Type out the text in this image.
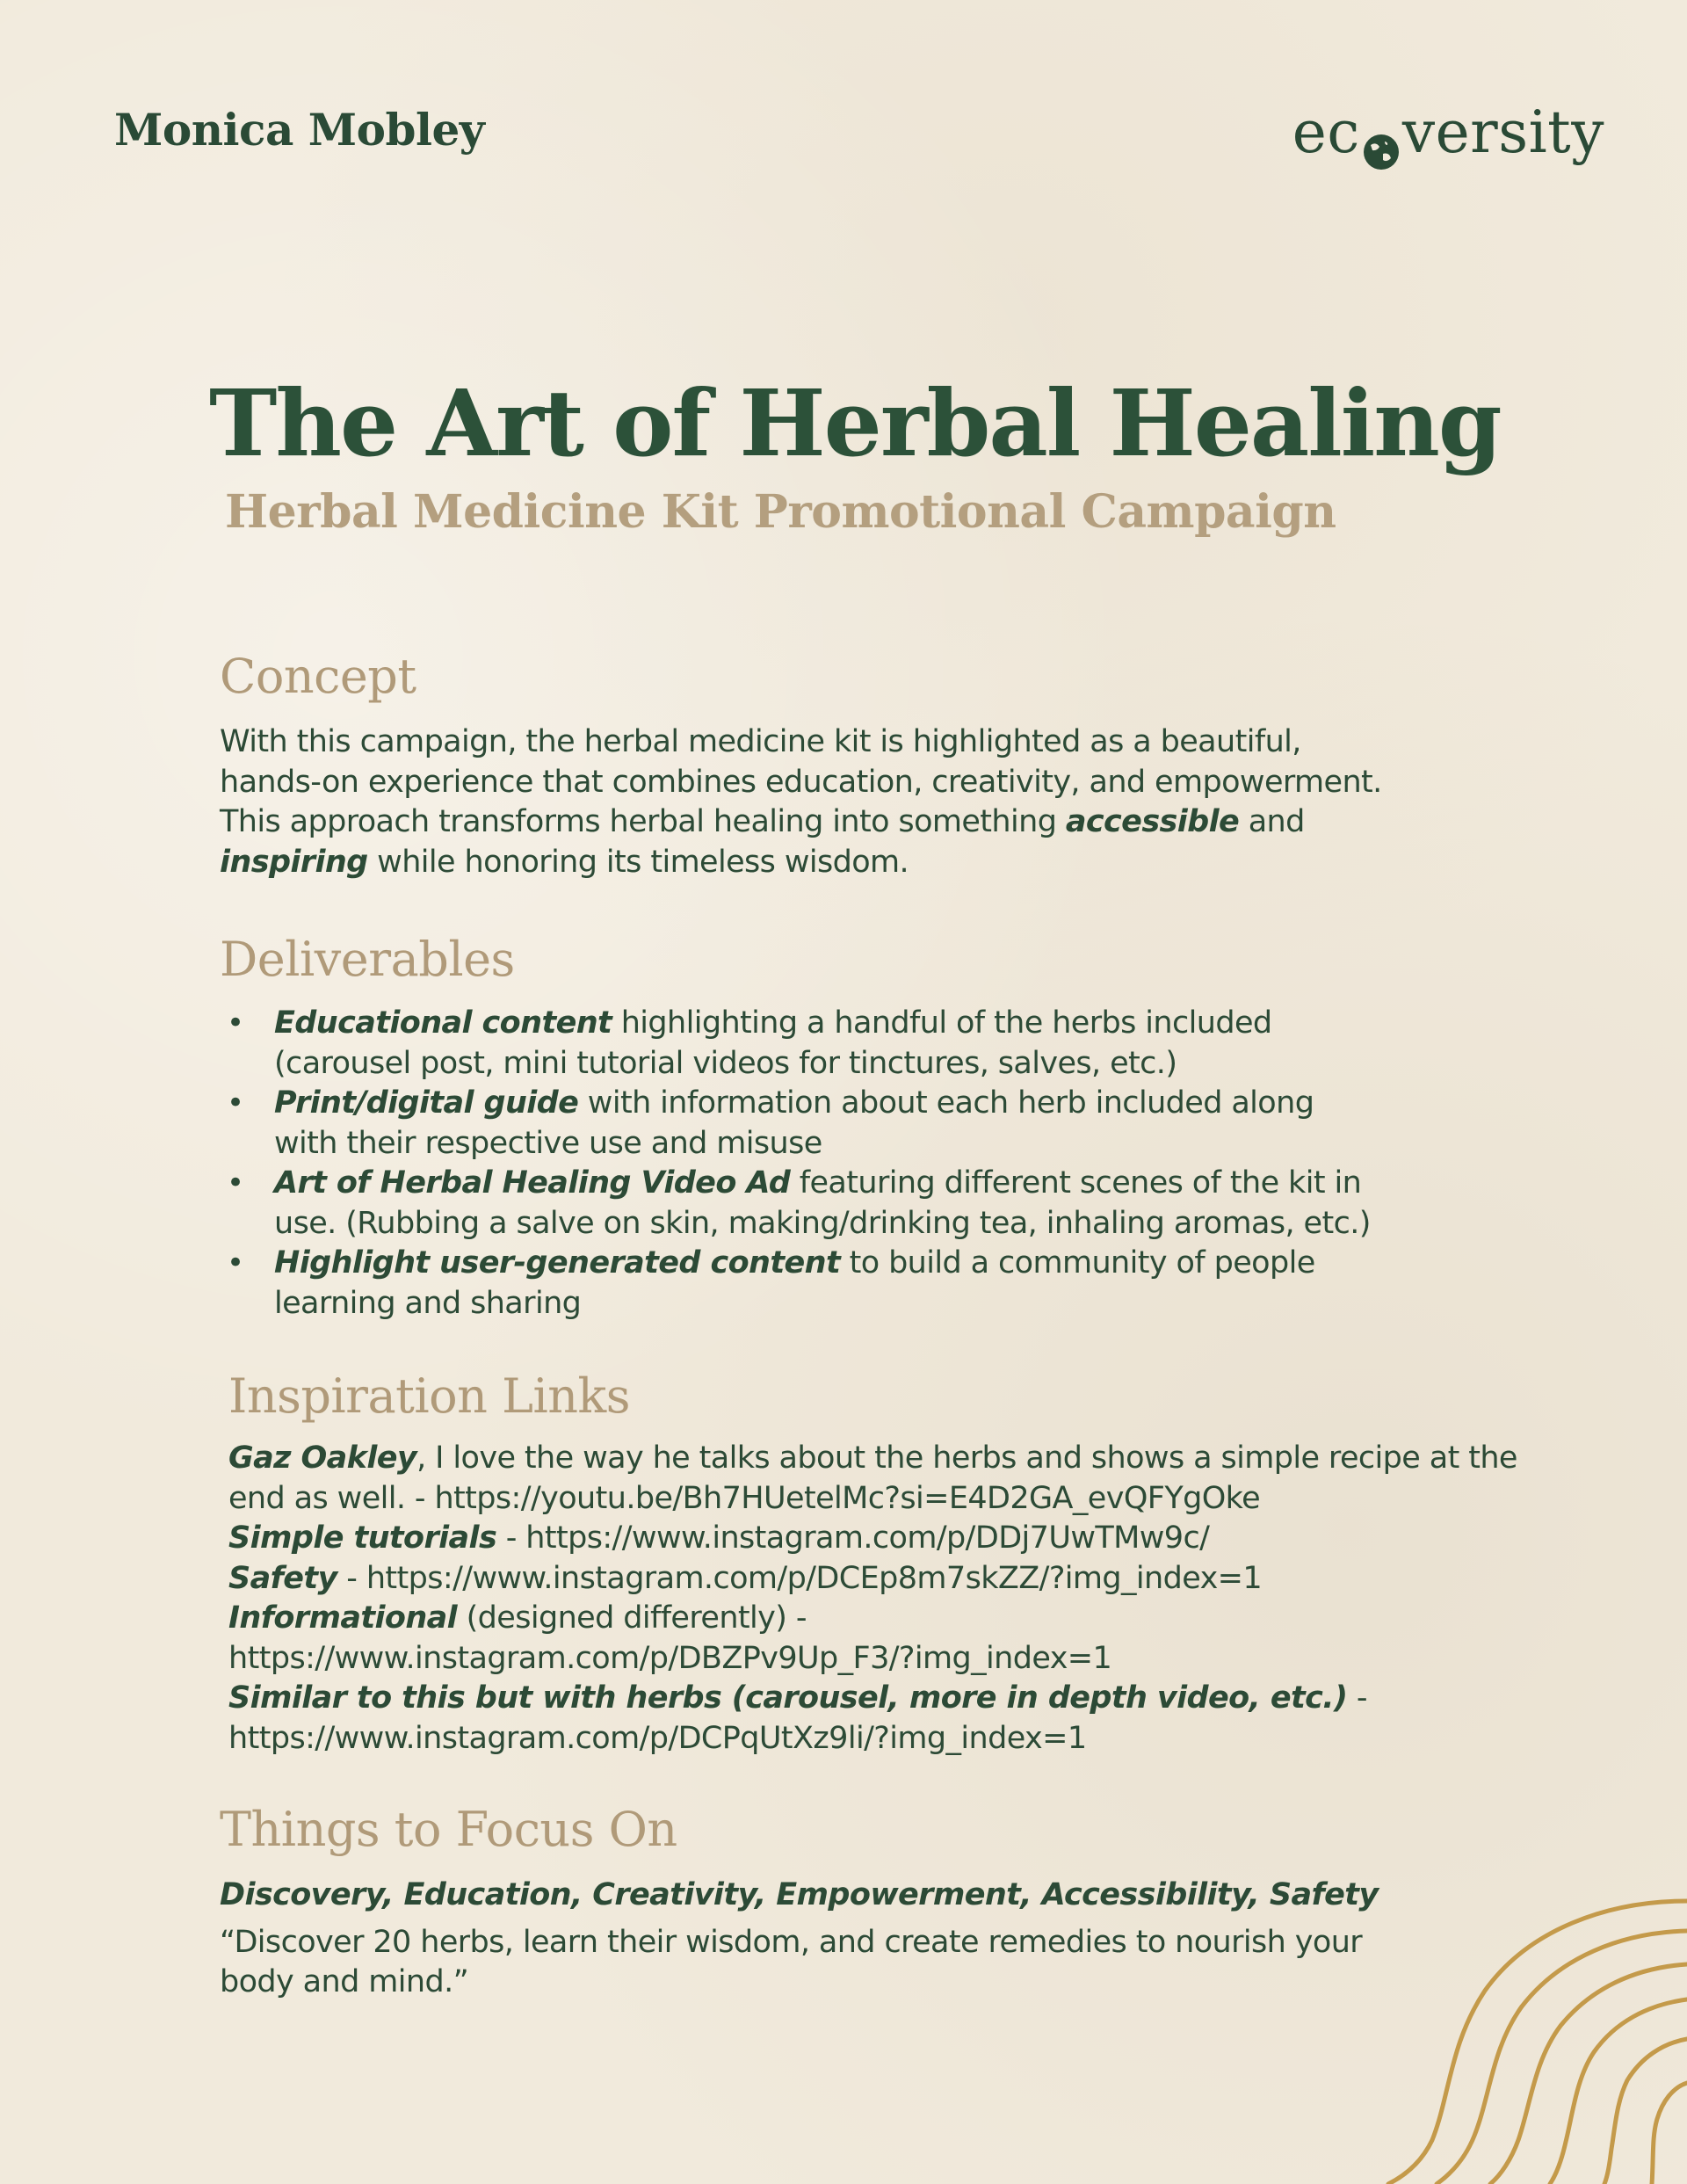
Monica Mobley	ec versity
The Art of Herbal Healing
Herbal Medicine Kit Promotional Campaign
Concept
With this campaign, the herbal medicine kit is highlighted as a beautiful,
hands-on experience that combines education, creativity, and empowerment.
This approach transforms herbal healing into something accessible and
inspiring while honoring its timeless wisdom.
Deliverables
• Educational content highlighting a handful of the herbs included
(carousel post, mini tutorial videos for tinctures, salves, etc.)
• Print/digital guide with information about each herb included along
with their respective use and misuse
• Art of Herbal Healing Video Ad featuring different scenes of the kit in
use. (Rubbing a salve on skin, making/drinking tea, inhaling aromas, etc.)
• Highlight user-generated content to build a community of people
learning and sharing
Inspiration Links
Gaz Oakley, I love the way he talks about the herbs and shows a simple recipe at the
end as well. - https://youtu.be/Bh7HUetelMc?si=E4D2GA_evQFYgOke
Simple tutorials - https://www.instagram.com/p/DDj7UwTMw9c/
Safety - https://www.instagram.com/p/DCEp8m7skZZ/?img_index=1
Informational (designed differently) -
https://www.instagram.com/p/DBZPv9Up_F3/?img_index=1
Similar to this but with herbs (carousel, more in depth video, etc.) -
https://www.instagram.com/p/DCPqUtXz9li/?img_index=1
Things to Focus On
Discovery, Education, Creativity, Empowerment, Accessibility, Safety
“Discover 20 herbs, learn their wisdom, and create remedies to nourish your
body and mind.”
